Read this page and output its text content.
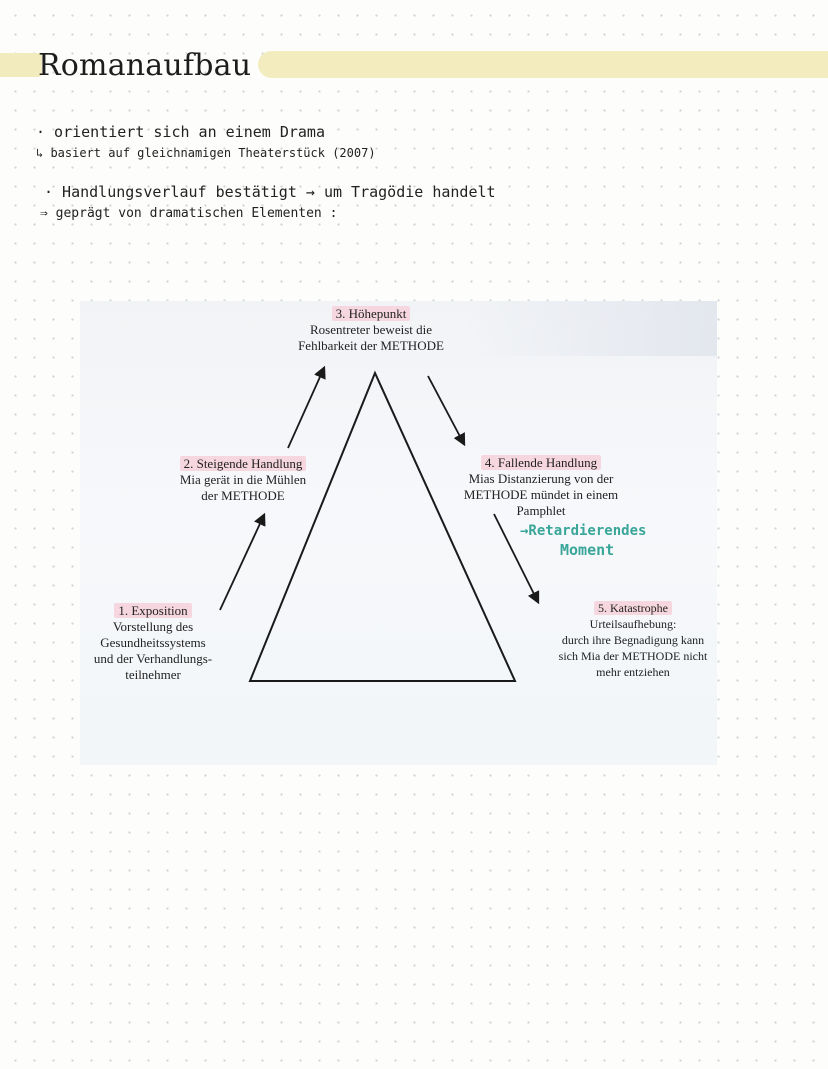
Romanaufbau
· orientiert sich an einem Drama
↳ basiert auf gleichnamigen Theaterstück (2007)
· Handlungsverlauf bestätigt → um Tragödie handelt
⇒ geprägt von dramatischen Elementen :
3. Höhepunkt
Rosentreter beweist die
Fehlbarkeit der METHODE
2. Steigende Handlung
Mia gerät in die Mühlen
der METHODE
4. Fallende Handlung
Mias Distanzierung von der
METHODE mündet in einem
Pamphlet
→Retardierendes
Moment
1. Exposition
Vorstellung des
Gesundheitssystems
und der Verhandlungs-
teilnehmer
5. Katastrophe
Urteilsaufhebung:
durch ihre Begnadigung kann
sich Mia der METHODE nicht
mehr entziehen
